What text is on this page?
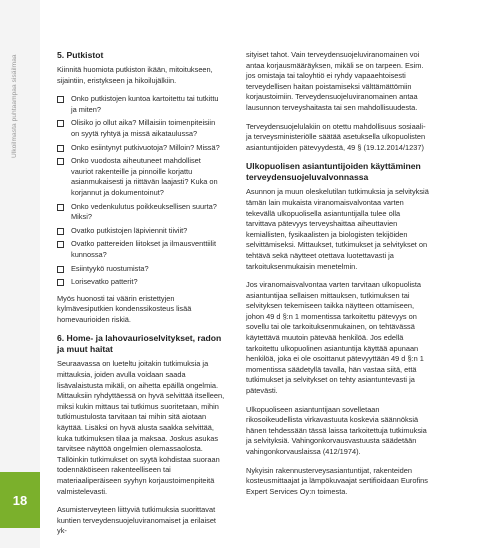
Ulkoilmasta puhtaampaa sisäilmaa
18
5. Putkistot

Kiinnitä huomiota putkiston ikään, mitoitukseen, sijaintiin, eristykseen ja hikoilujälkiin.

Onko putkistojen kuntoa kartoitettu tai tutkittu ja miten?
Olisiko jo ollut aika? Millaisiin toimenpiteisiin on syytä ryhtyä ja missä aikataulussa?
Onko esiintynyt putkivuotoja? Milloin? Missä?
Onko vuodosta aiheutuneet mahdolliset vauriot rakenteille ja pinnoille korjattu asianmukaisesti ja riittävän laajasti? Kuka on korjannut ja dokumentoinut?
Onko vedenkulutus poikkeuksellisen suurta? Miksi?
Ovatko putkistojen läpiviennit tiiviit?
Ovatko pattereiden liitokset ja ilmausventtiilit kunnossa?
Esiintyykö ruostumista?
Lorisevatko patterit?

Myös huonosti tai väärin eristettyjen kylmävesiputkien kondenssikosteus lisää homevaurioiden riskiä.

6. Home- ja lahovaurioselvitykset, radon ja muut haitat

Seuraavassa on lueteltu joitakin tutkimuksia ja mittauksia, joiden avulla voidaan saada lisävalaistusta mikäli, on aihetta epäillä ongelmia. Mittauksiin ryhdyttäessä on hyvä selvittää itselleen, miksi kukin mittaus tai tutkimus suoritetaan, mihin tutkimustulosta tarvitaan tai mihin sitä aiotaan käyttää. Lisäksi on hyvä alusta saakka selvittää, kuka tutkimuksen tilaa ja maksaa. Joskus asukas tarvitsee näyttöä ongelmien olemassaolosta. Tällöinkin tutkimukset on syytä kohdistaa suoraan todennäköiseen rakenteelliseen tai materiaaliperäiseen syyhyn korjaustoimenpiteitä valmistelevasti.

Asumisterveyteen liittyviä tutkimuksia suorittavat kuntien terveydensuojeluviranomaiset ja erilaiset yk-

sityiset tahot. Vain terveydensuojeluviranomainen voi antaa korjausmääräyksen, mikäli se on tarpeen. Esim. jos omistaja tai taloyhtiö ei ryhdy vapaaehtoisesti terveydellisen haitan poistamiseksi välttämättömiin korjaustoimiin. Terveydensuojeluviranomainen antaa lausunnon terveyshaitasta tai sen mahdollisuudesta.

Terveydensuojelulakiin on otettu mahdollisuus sosiaali- ja terveysministeriölle säätää asetuksella ulkopuolisten asiantuntijoiden pätevyydestä, 49 § (19.12.2014/1237)

Ulkopuolisen asiantuntijoiden käyttäminen terveydensuojeluvalvonnassa

Asunnon ja muun oleskelutilan tutkimuksia ja selvityksiä tämän lain mukaista viranomaisvalvontaa varten tekevällä ulkopuolisella asiantuntijalla tulee olla tarvittava pätevyys terveyshaittaa aiheuttavien kemiallisten, fysikaalisten ja biologisten tekijöiden selvittämiseksi. Mittaukset, tutkimukset ja selvitykset on tehtävä sekä näytteet otettava luotettavasti ja tarkoituksenmukaisin menetelmin.

Jos viranomaisvalvontaa varten tarvitaan ulkopuolista asiantuntijaa sellaisen mittauksen, tutkimuksen tai selvityksen tekemiseen taikka näytteen ottamiseen, johon 49 d §:n 1 momentissa tarkoitettu pätevyys on sovellu tai ole tarkoituksenmukainen, on tehtävässä käytettävä muutoin pätevää henkilöä. Jos edellä tarkoitettu ulkopuolinen asiantuntija käyttää apunaan henkilöä, joka ei ole osoittanut pätevyyttään 49 d §:n 1 momentissa säädetyllä tavalla, hän vastaa siitä, että tutkimukset ja selvitykset on tehty asiantuntevasti ja pätevästi.

Ulkopuoliseen asiantuntijaan sovelletaan rikosoikeudellista virkavastuuta koskevia säännöksiä hänen tehdessään tässä laissa tarkoitettuja tutkimuksia ja selvityksiä. Vahingonkorvausvastuusta säädetään vahingonkorvauslaissa (412/1974).

Nykyisin rakennusterveysasiantuntijat, rakenteiden kosteusmittaajat ja lämpökuvaajat sertifioidaan Eurofins Expert Services Oy:n toimesta.
